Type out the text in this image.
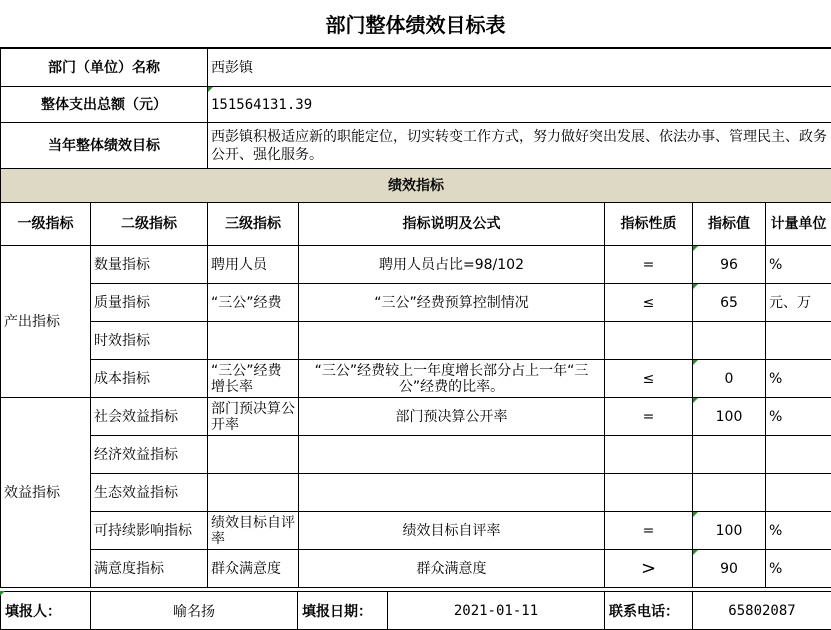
部门整体绩效目标表
部门（单位）名称		西彭镇				
整体支出总额（元）		151564131.39				
当年整体绩效目标		西彭镇积极适应新的职能定位，切实转变工作方式，努力做好突出发展、依法办事、管理民主、政务公开、强化服务。				
绩效指标						
一级指标	二级指标	三级指标	指标说明及公式	指标性质	指标值	计量单位
产出指标	数量指标	聘用人员	聘用人员占比=98/102	=	96	%
	质量指标	“三公”经费	“三公”经费预算控制情况	≤	65	元、万
	时效指标					
	成本指标	“三公”经费增长率	“三公”经费较上一年度增长部分占上一年“三公”经费的比率。	≤	0	%
效益指标	社会效益指标	部门预决算公开率	部门预决算公开率	=	100	%
	经济效益指标					
	生态效益指标					
	可持续影响指标	绩效目标自评率	绩效目标自评率	=	100	%
	满意度指标	群众满意度	群众满意度	>	90	%
填报人：	喻名扬	填报日期：	2021-01-11	联系电话：	65802087
